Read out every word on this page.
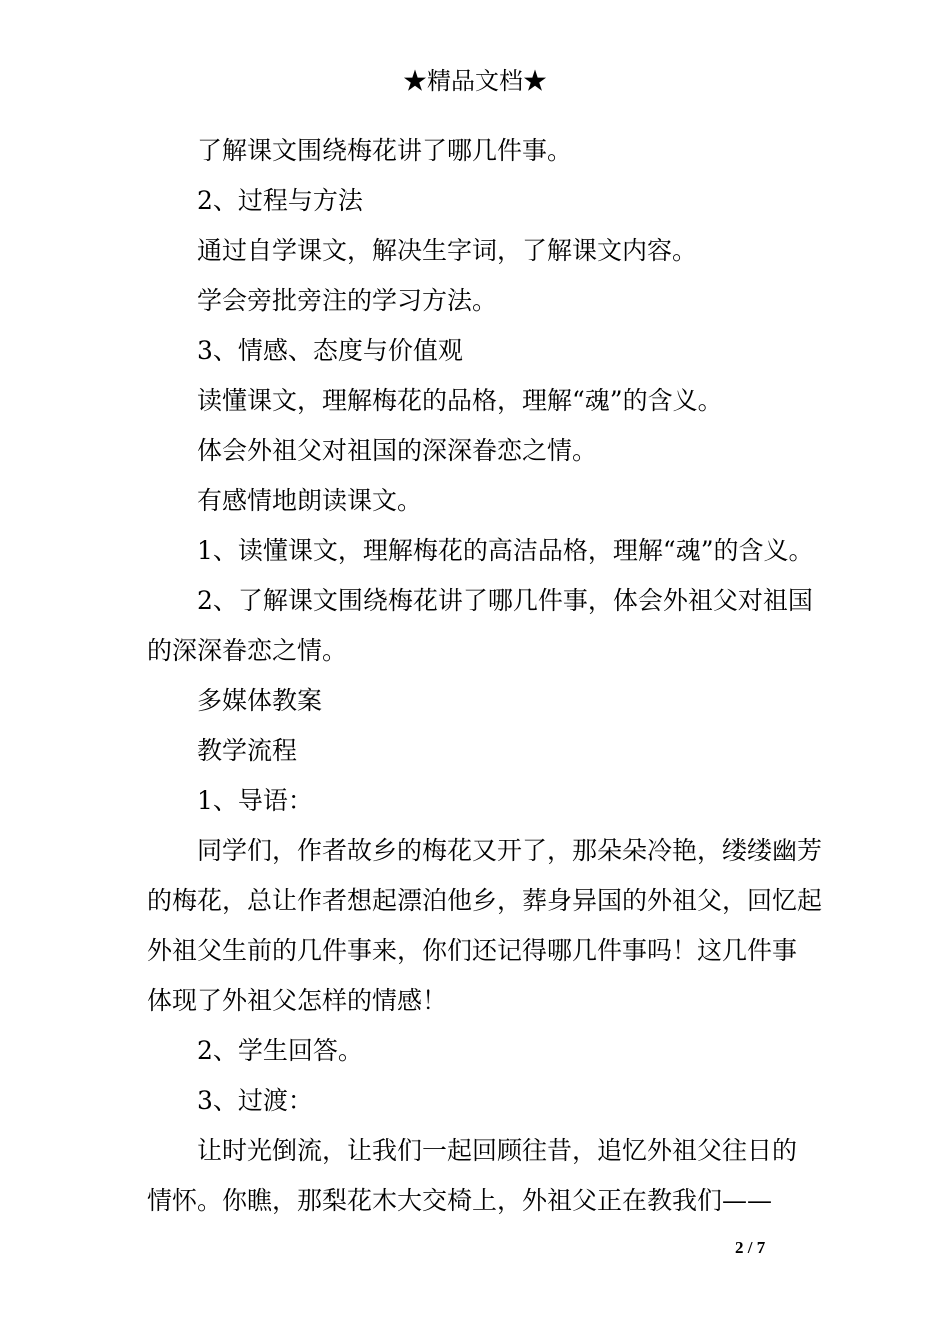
★精品文档★
了解课文围绕梅花讲了哪几件事。
2、过程与方法
通过自学课文，解决生字词，了解课文内容。
学会旁批旁注的学习方法。
3、情感、态度与价值观
读懂课文，理解梅花的品格，理解“魂”的含义。
体会外祖父对祖国的深深眷恋之情。
有感情地朗读课文。
1、读懂课文，理解梅花的高洁品格，理解“魂”的含义。
2、了解课文围绕梅花讲了哪几件事，体会外祖父对祖国
的深深眷恋之情。
多媒体教案
教学流程
1、导语：
同学们，作者故乡的梅花又开了，那朵朵冷艳，缕缕幽芳
的梅花，总让作者想起漂泊他乡，葬身异国的外祖父，回忆起
外祖父生前的几件事来，你们还记得哪几件事吗！这几件事
体现了外祖父怎样的情感！
2、学生回答。
3、过渡：
让时光倒流，让我们一起回顾往昔，追忆外祖父往日的
情怀。你瞧，那梨花木大交椅上，外祖父正在教我们——
2 / 7
